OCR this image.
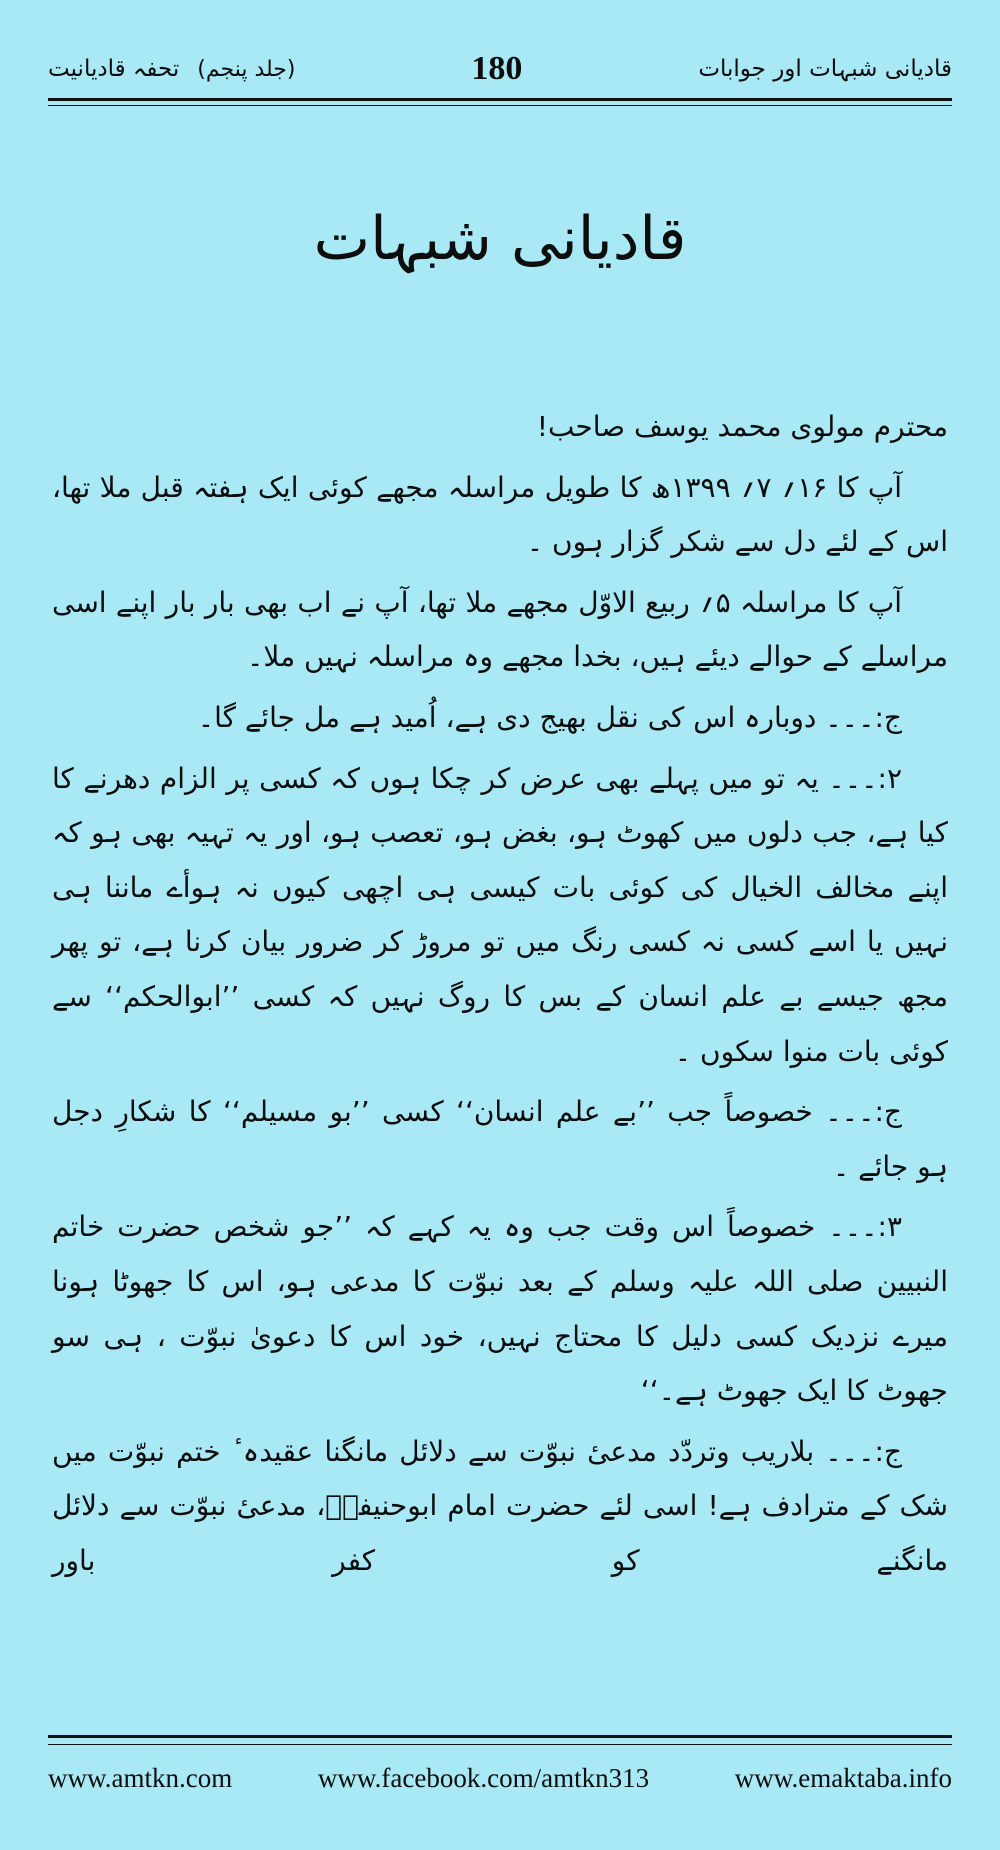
قادیانی شبہات اور جوابات
180
(جلد پنجم)
تحفہ قادیانیت
قادیانی شبہات

محترم مولوی محمد یوسف صاحب!

آپ کا ۱۶؍ ۷؍ ۱۳۹۹ھ کا طویل مراسلہ مجھے کوئی ایک ہفتہ قبل ملا تھا، اس کے لئے دل سے شکر گزار ہوں ۔

آپ کا مراسلہ ۵؍ ربیع الاوّل مجھے ملا تھا، آپ نے اب بھی بار بار اپنے اسی مراسلے کے حوالے دیئے ہیں، بخدا مجھے وہ مراسلہ نہیں ملا۔

ج:۔۔۔ دوبارہ اس کی نقل بھیج دی ہے، اُمید ہے مل جائے گا۔

۲:۔۔۔ یہ تو میں پہلے بھی عرض کر چکا ہوں کہ کسی پر الزام دھرنے کا کیا ہے، جب دلوں میں کھوٹ ہو، بغض ہو، تعصب ہو، اور یہ تہیہ بھی ہو کہ اپنے مخالف الخیال کی کوئی بات کیسی ہی اچھی کیوں نہ ہوأے ماننا ہی نہیں یا اسے کسی نہ کسی رنگ میں تو مروڑ کر ضرور بیان کرنا ہے، تو پھر مجھ جیسے بے علم انسان کے بس کا روگ نہیں کہ کسی ’’ابوالحکم‘‘ سے کوئی بات منوا سکوں ۔

ج:۔۔۔ خصوصاً جب ’’بے علم انسان‘‘ کسی ’’بو مسیلم‘‘ کا شکارِ دجل ہو جائے ۔

۳:۔۔۔ خصوصاً اس وقت جب وہ یہ کہے کہ ’’جو شخص حضرت خاتم النبیین صلی اللہ علیہ وسلم کے بعد نبوّت کا مدعی ہو، اس کا جھوٹا ہونا میرے نزدیک کسی دلیل کا محتاج نہیں، خود اس کا دعویٰ نبوّت ، ہی سو جھوٹ کا ایک جھوٹ ہے۔‘‘

ج:۔۔۔ بلاریب وتردّد مدعیٔ نبوّت سے دلائل مانگنا عقیدہ ٔ ختم نبوّت میں شک کے مترادف ہے! اسی لئے حضرت امام ابوحنیفہؒ، مدعیٔ نبوّت سے دلائل مانگنے کو کفر باور

www.amtkn.com	www.facebook.com/amtkn313	www.emaktaba.info
